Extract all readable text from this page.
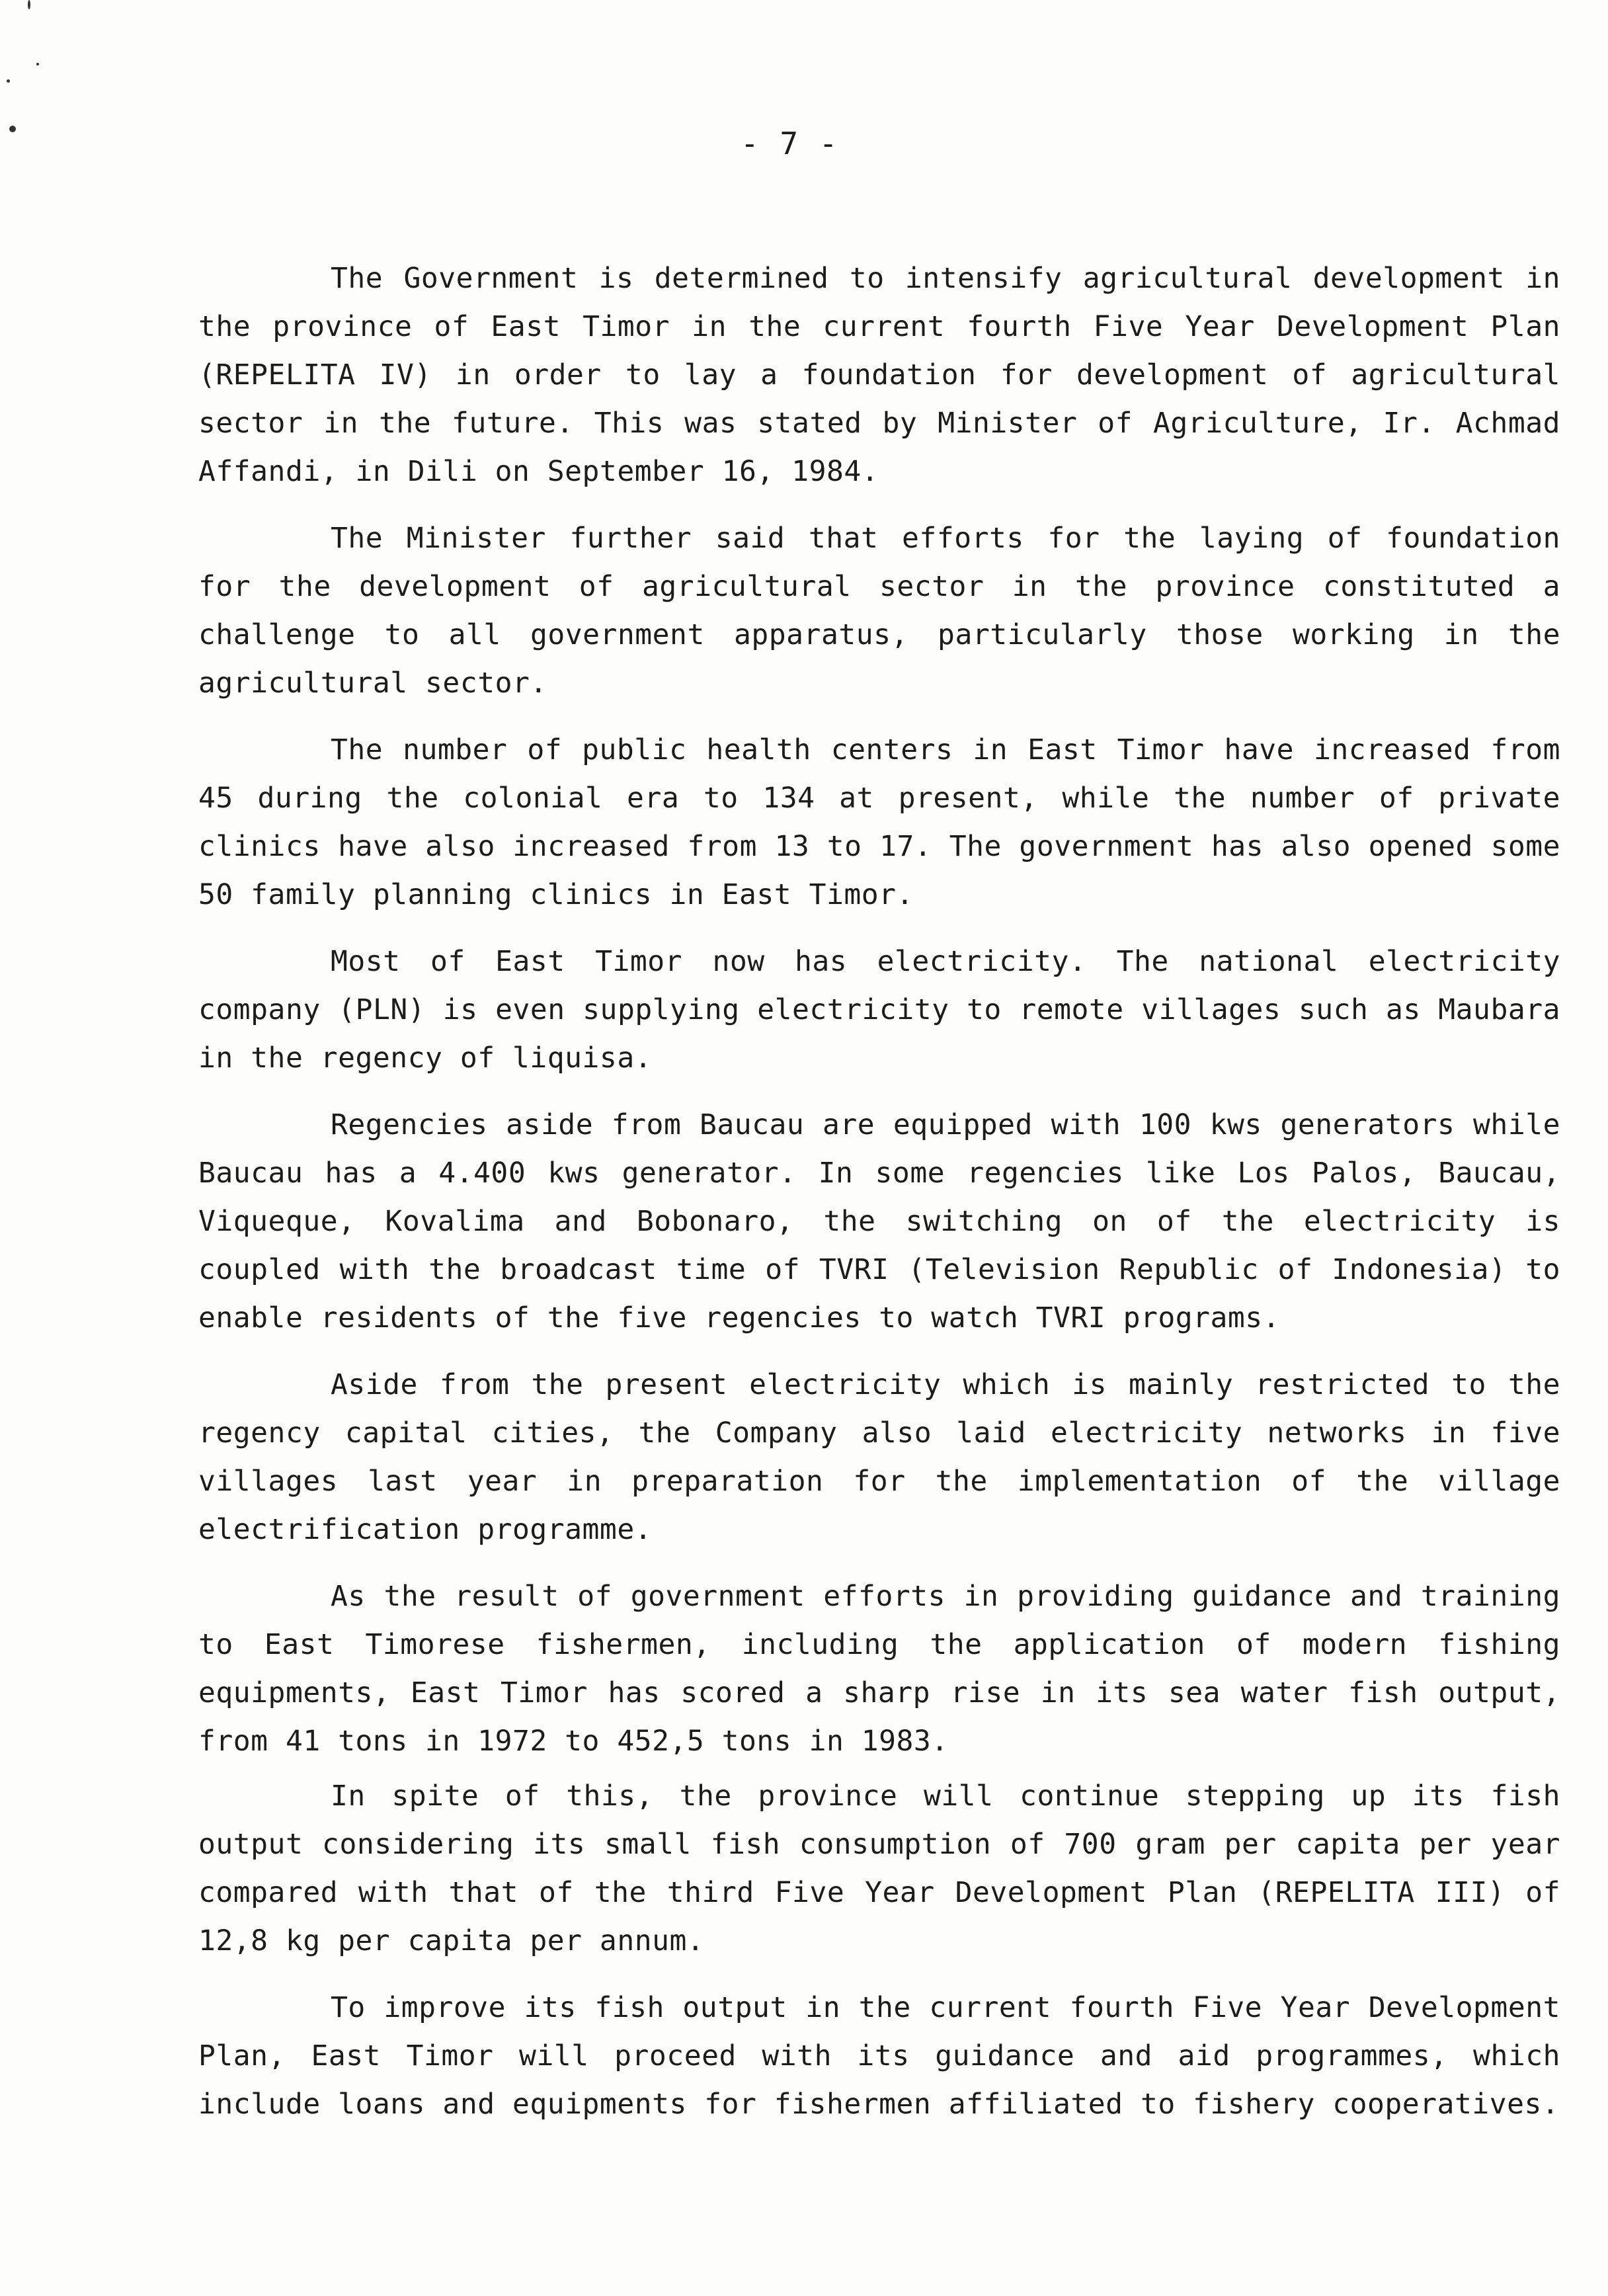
- 7 -

The Government is determined to intensify agricultural development in the province of East Timor in the current fourth Five Year Development Plan (REPELITA IV) in order to lay a foundation for development of agricultural sector in the future. This was stated by Minister of Agriculture, Ir. Achmad Affandi, in Dili on September 16, 1984.

The Minister further said that efforts for the laying of foundation for the development of agricultural sector in the province constituted a challenge to all government apparatus, particularly those working in the agricultural sector.

The number of public health centers in East Timor have increased from 45 during the colonial era to 134 at present, while the number of private clinics have also increased from 13 to 17. The government has also opened some 50 family planning clinics in East Timor.

Most of East Timor now has electricity. The national electricity company (PLN) is even supplying electricity to remote villages such as Maubara in the regency of liquisa.

Regencies aside from Baucau are equipped with 100 kws generators while Baucau has a 4.400 kws generator. In some regencies like Los Palos, Baucau, Viqueque, Kovalima and Bobonaro, the switching on of the electricity is coupled with the broadcast time of TVRI (Television Republic of Indonesia) to enable residents of the five regencies to watch TVRI programs.

Aside from the present electricity which is mainly restricted to the regency capital cities, the Company also laid electricity networks in five villages last year in preparation for the implementation of the village electrification programme.

As the result of government efforts in providing guidance and training to East Timorese fishermen, including the application of modern fishing equipments, East Timor has scored a sharp rise in its sea water fish output, from 41 tons in 1972 to 452,5 tons in 1983.

In spite of this, the province will continue stepping up its fish output considering its small fish consumption of 700 gram per capita per year compared with that of the third Five Year Development Plan (REPELITA III) of 12,8 kg per capita per annum.

To improve its fish output in the current fourth Five Year Development Plan, East Timor will proceed with its guidance and aid programmes, which include loans and equipments for fishermen affiliated to fishery cooperatives.
